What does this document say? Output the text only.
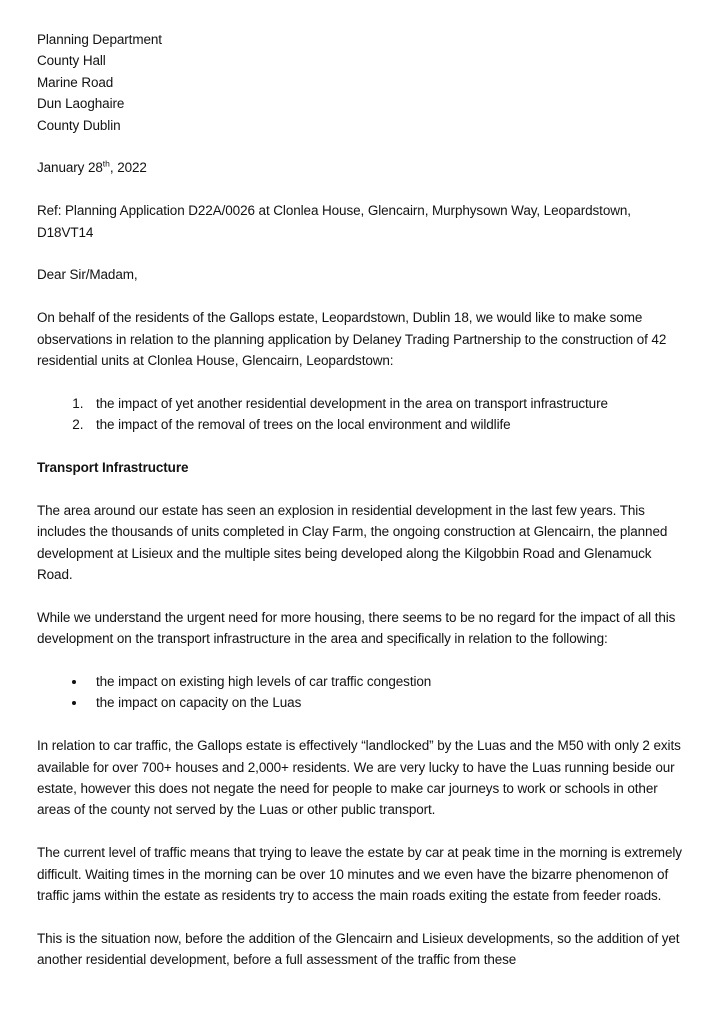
Planning Department
County Hall
Marine Road
Dun Laoghaire
County Dublin

January 28th, 2022

Ref: Planning Application D22A/0026 at Clonlea House, Glencairn, Murphysown Way, Leopardstown, D18VT14

Dear Sir/Madam,

On behalf of the residents of the Gallops estate, Leopardstown, Dublin 18, we would like to make some observations in relation to the planning application by Delaney Trading Partnership to the construction of 42 residential units at Clonlea House, Glencairn, Leopardstown:

1. the impact of yet another residential development in the area on transport infrastructure
2. the impact of the removal of trees on the local environment and wildlife

Transport Infrastructure

The area around our estate has seen an explosion in residential development in the last few years. This includes the thousands of units completed in Clay Farm, the ongoing construction at Glencairn, the planned development at Lisieux and the multiple sites being developed along the Kilgobbin Road and Glenamuck Road.

While we understand the urgent need for more housing, there seems to be no regard for the impact of all this development on the transport infrastructure in the area and specifically in relation to the following:

• the impact on existing high levels of car traffic congestion
• the impact on capacity on the Luas

In relation to car traffic, the Gallops estate is effectively “landlocked” by the Luas and the M50 with only 2 exits available for over 700+ houses and 2,000+ residents. We are very lucky to have the Luas running beside our estate, however this does not negate the need for people to make car journeys to work or schools in other areas of the county not served by the Luas or other public transport.

The current level of traffic means that trying to leave the estate by car at peak time in the morning is extremely difficult. Waiting times in the morning can be over 10 minutes and we even have the bizarre phenomenon of traffic jams within the estate as residents try to access the main roads exiting the estate from feeder roads.

This is the situation now, before the addition of the Glencairn and Lisieux developments, so the addition of yet another residential development, before a full assessment of the traffic from these
